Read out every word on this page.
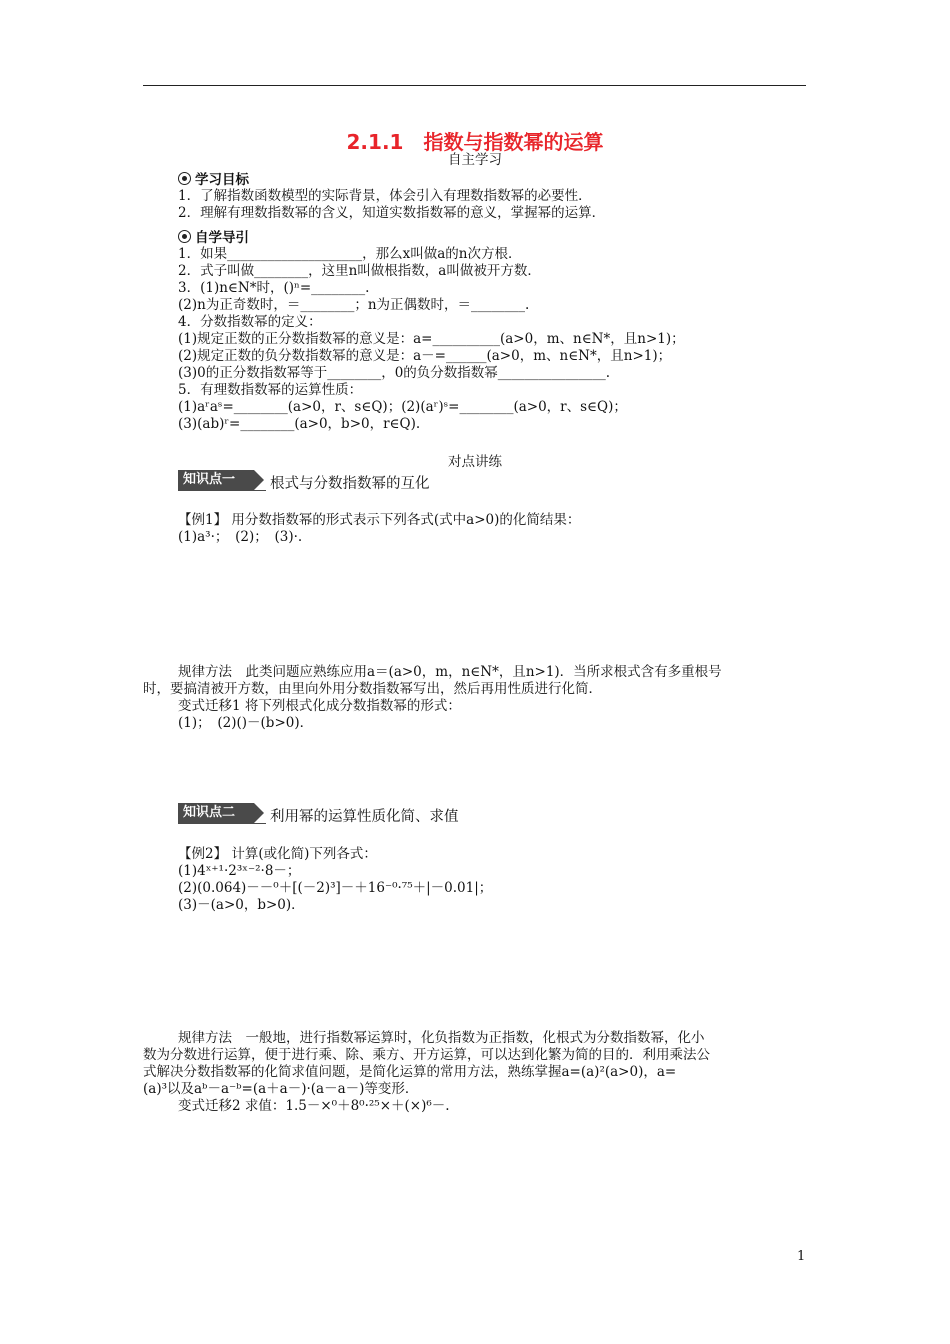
2.1.1　指数与指数幂的运算
自主学习
学习目标
1．了解指数函数模型的实际背景，体会引入有理数指数幂的必要性．
2．理解有理数指数幂的含义，知道实数指数幂的意义，掌握幂的运算．
自学导引
1．如果____________________，那么x叫做a的n次方根．
2．式子叫做________，这里n叫做根指数，a叫做被开方数．
3．(1)n∈N*时，()ⁿ=________.
(2)n为正奇数时，＝________；n为正偶数时，＝________.
4．分数指数幂的定义：
(1)规定正数的正分数指数幂的意义是：a=__________(a>0，m、n∈N*，且n>1)；
(2)规定正数的负分数指数幂的意义是：a－=______(a>0，m、n∈N*，且n>1)；
(3)0的正分数指数幂等于________，0的负分数指数幂________________.
5．有理数指数幂的运算性质：
(1)aʳaˢ=________(a>0，r、s∈Q)；(2)(aʳ)ˢ=________(a>0，r、s∈Q)；
(3)(ab)ʳ=________(a>0，b>0，r∈Q).
对点讲练
知识点一	根式与分数指数幂的互化
【例1】 用分数指数幂的形式表示下列各式(式中a>0)的化简结果：
(1)a³·；　(2)；　(3)·.
规律方法　此类问题应熟练应用a＝(a>0，m，n∈N*，且n>1)．当所求根式含有多重根号
时，要搞清被开方数，由里向外用分数指数幂写出，然后再用性质进行化简．
变式迁移1 将下列根式化成分数指数幂的形式：
(1)；　(2)()－(b>0)．
知识点二	利用幂的运算性质化简、求值
【例2】 计算(或化简)下列各式：
(1)4ˣ⁺¹·2³ˣ⁻²·8－；
(2)(0.064)－－⁰＋[(－2)³]－＋16⁻⁰·⁷⁵＋|－0.01|；
(3)－(a>0，b>0)．
规律方法　一般地，进行指数幂运算时，化负指数为正指数，化根式为分数指数幂，化小
数为分数进行运算，便于进行乘、除、乘方、开方运算，可以达到化繁为简的目的．利用乘法公
式解决分数指数幂的化简求值问题，是简化运算的常用方法，熟练掌握a=(a)²(a>0)，a=
(a)³以及aᵇ－a⁻ᵇ=(a＋a－)·(a－a－)等变形．
变式迁移2 求值：1.5－×⁰＋8⁰·²⁵×＋(×)⁶－.
1
